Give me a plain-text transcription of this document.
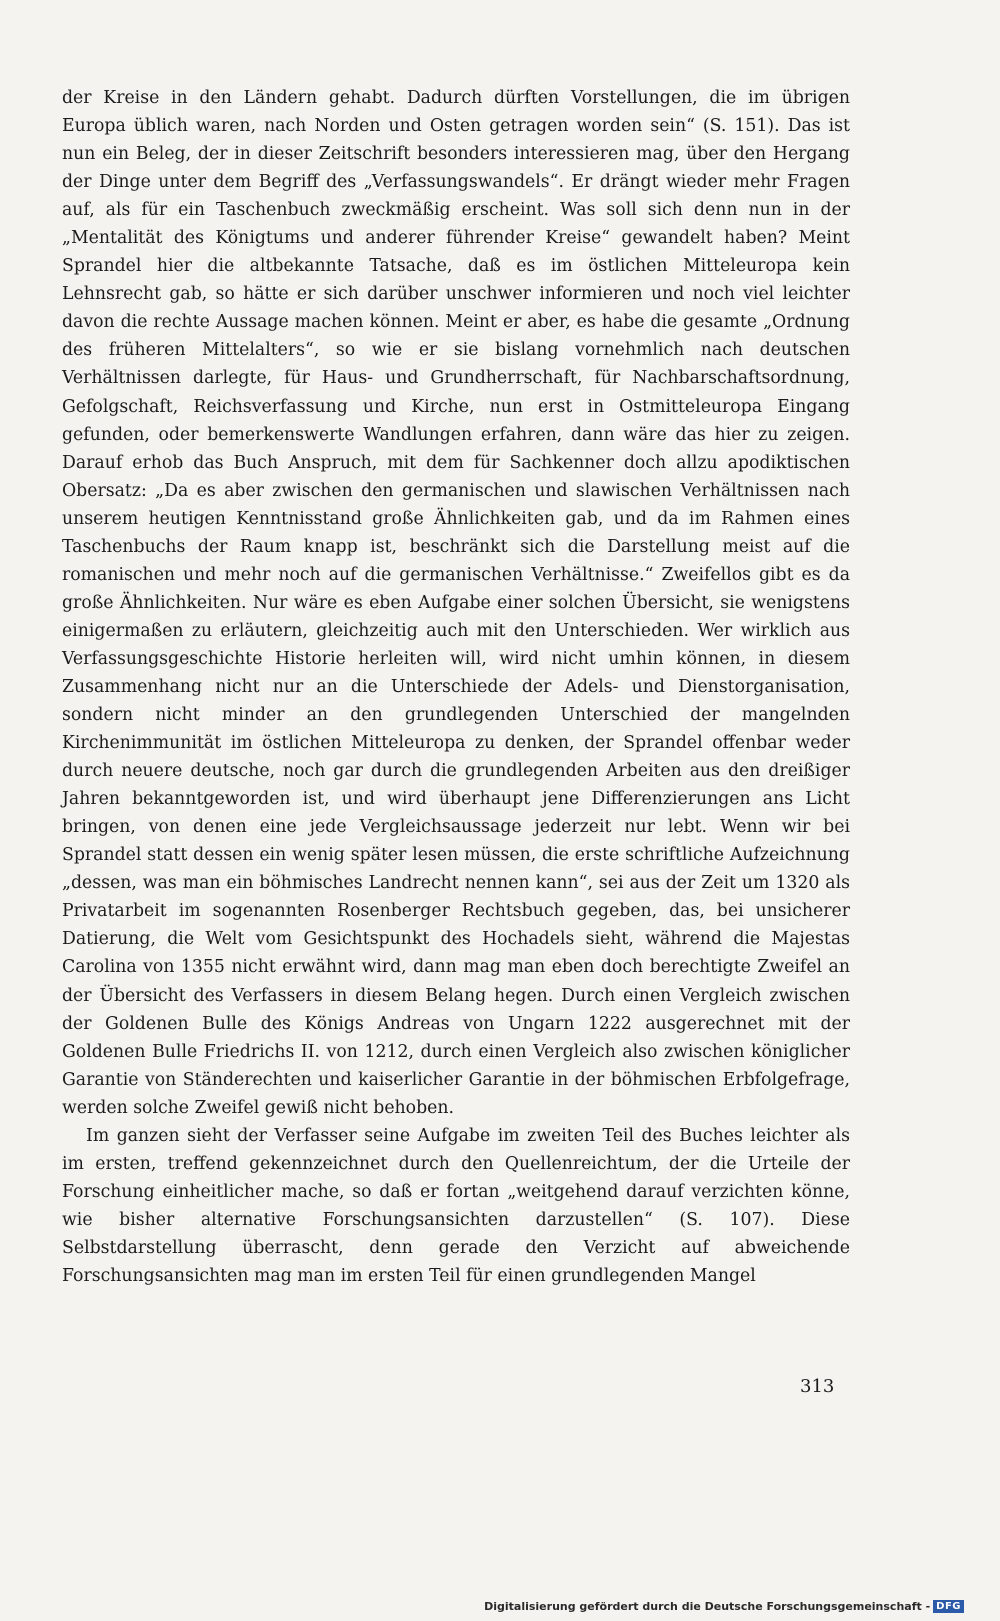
der Kreise in den Ländern gehabt. Dadurch dürften Vorstellungen, die im übrigen Europa üblich waren, nach Norden und Osten getragen worden sein“ (S. 151). Das ist nun ein Beleg, der in dieser Zeitschrift besonders interessieren mag, über den Hergang der Dinge unter dem Begriff des „Verfassungswandels“. Er drängt wieder mehr Fragen auf, als für ein Taschenbuch zweckmäßig erscheint. Was soll sich denn nun in der „Mentalität des Königtums und anderer führender Kreise“ gewandelt haben? Meint Sprandel hier die altbekannte Tatsache, daß es im östlichen Mitteleuropa kein Lehnsrecht gab, so hätte er sich darüber unschwer informieren und noch viel leichter davon die rechte Aussage machen können. Meint er aber, es habe die gesamte „Ordnung des früheren Mittelalters“, so wie er sie bislang vornehmlich nach deutschen Verhältnissen darlegte, für Haus- und Grundherrschaft, für Nachbarschaftsordnung, Gefolgschaft, Reichsverfassung und Kirche, nun erst in Ostmitteleuropa Eingang gefunden, oder bemerkenswerte Wandlungen erfahren, dann wäre das hier zu zeigen. Darauf erhob das Buch Anspruch, mit dem für Sachkenner doch allzu apodiktischen Obersatz: „Da es aber zwischen den germanischen und slawischen Verhältnissen nach unserem heutigen Kenntnisstand große Ähnlichkeiten gab, und da im Rahmen eines Taschenbuchs der Raum knapp ist, beschränkt sich die Darstellung meist auf die romanischen und mehr noch auf die germanischen Verhältnisse.“ Zweifellos gibt es da große Ähnlichkeiten. Nur wäre es eben Aufgabe einer solchen Übersicht, sie wenigstens einigermaßen zu erläutern, gleichzeitig auch mit den Unterschieden. Wer wirklich aus Verfassungsgeschichte Historie herleiten will, wird nicht umhin können, in diesem Zusammenhang nicht nur an die Unterschiede der Adels- und Dienstorganisation, sondern nicht minder an den grundlegenden Unterschied der mangelnden Kirchenimmunität im östlichen Mitteleuropa zu denken, der Sprandel offenbar weder durch neuere deutsche, noch gar durch die grundlegenden Arbeiten aus den dreißiger Jahren bekanntgeworden ist, und wird überhaupt jene Differenzierungen ans Licht bringen, von denen eine jede Vergleichsaussage jederzeit nur lebt. Wenn wir bei Sprandel statt dessen ein wenig später lesen müssen, die erste schriftliche Aufzeichnung „dessen, was man ein böhmisches Landrecht nennen kann“, sei aus der Zeit um 1320 als Privatarbeit im sogenannten Rosenberger Rechtsbuch gegeben, das, bei unsicherer Datierung, die Welt vom Gesichtspunkt des Hochadels sieht, während die Majestas Carolina von 1355 nicht erwähnt wird, dann mag man eben doch berechtigte Zweifel an der Übersicht des Verfassers in diesem Belang hegen. Durch einen Vergleich zwischen der Goldenen Bulle des Königs Andreas von Ungarn 1222 ausgerechnet mit der Goldenen Bulle Friedrichs II. von 1212, durch einen Vergleich also zwischen königlicher Garantie von Ständerechten und kaiserlicher Garantie in der böhmischen Erbfolgefrage, werden solche Zweifel gewiß nicht behoben.

Im ganzen sieht der Verfasser seine Aufgabe im zweiten Teil des Buches leichter als im ersten, treffend gekennzeichnet durch den Quellenreichtum, der die Urteile der Forschung einheitlicher mache, so daß er fortan „weitgehend darauf verzichten könne, wie bisher alternative Forschungsansichten darzustellen“ (S. 107). Diese Selbstdarstellung überrascht, denn gerade den Verzicht auf abweichende Forschungsansichten mag man im ersten Teil für einen grundlegenden Mangel

313
Digitalisierung gefördert durch die Deutsche Forschungsgemeinschaft - DFG
